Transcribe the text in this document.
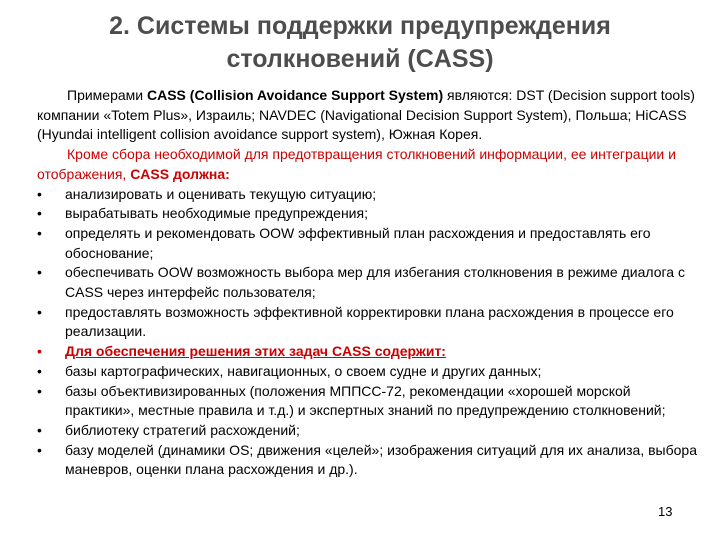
2. Системы поддержки предупреждения
столкновений (CASS)

Примерами CASS (Collision Avoidance Support System) являются: DST (Decision support tools) компании «Totem Plus», Израиль; NAVDEC (Navigational Decision Support System), Польша; HiCASS (Hyundai intelligent collision avoidance support system), Южная Корея.

Кроме сбора необходимой для предотвращения столкновений информации, ее интеграции и отображения, CASS должна:

•	анализировать и оценивать текущую ситуацию;

•	вырабатывать необходимые предупреждения;

•	определять и рекомендовать OOW эффективный план расхождения и предоставлять его обоснование;

•	обеспечивать OOW возможность выбора мер для избегания столкновения в режиме диалога с CASS через интерфейс пользователя;

•	предоставлять возможность эффективной корректировки плана расхождения в процессе его реализации.

•	Для обеспечения решения этих задач CASS содержит:

•	базы картографических, навигационных, о своем судне и других данных;

•	базы объективизированных (положения МППСС-72, рекомендации «хорошей морской практики», местные правила и т.д.) и экспертных знаний по предупреждению столкновений;

•	библиотеку стратегий расхождений;

•	базу моделей (динамики OS; движения «целей»; изображения ситуаций для их анализа, выбора маневров, оценки плана расхождения и др.).

13
